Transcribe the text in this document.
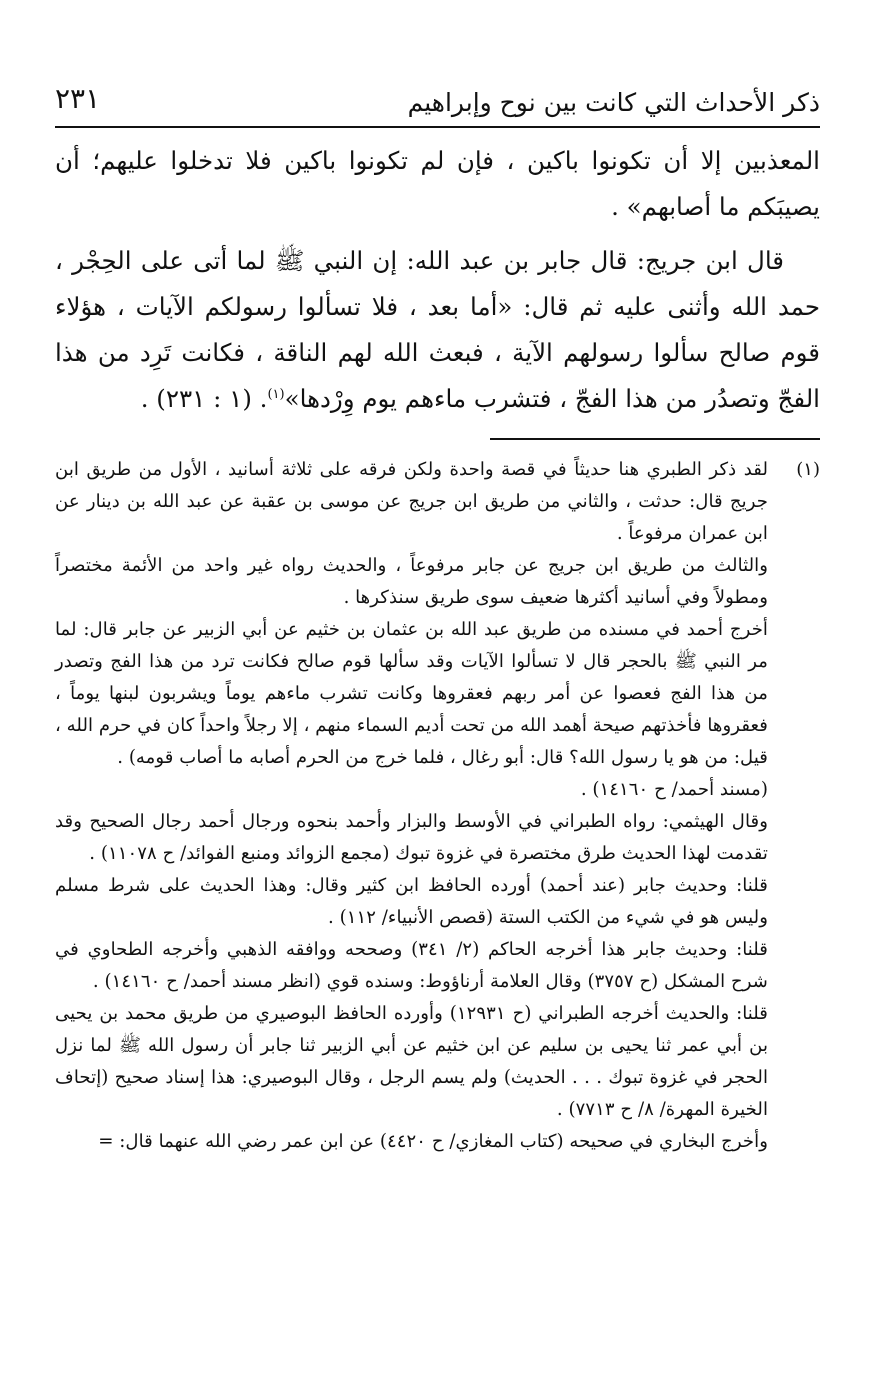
ذكر الأحداث التي كانت بين نوح وإبراهيم
٢٣١

المعذبين إلا أن تكونوا باكين ، فإن لم تكونوا باكين فلا تدخلوا عليهم؛ أن يصيبَكم ما أصابهم» .

قال ابن جريج: قال جابر بن عبد الله: إن النبي ﷺ لما أتى على الحِجْر ، حمد الله وأثنى عليه ثم قال: «أما بعد ، فلا تسألوا رسولكم الآيات ، هؤلاء قوم صالح سألوا رسولهم الآية ، فبعث الله لهم الناقة ، فكانت تَرِد من هذا الفجّ وتصدُر من هذا الفجّ ، فتشرب ماءهم يوم وِرْدها»$^{(١)}$. (١ : ٢٣١) .

(١)

لقد ذكر الطبري هنا حديثاً في قصة واحدة ولكن فرقه على ثلاثة أسانيد ، الأول من طريق ابن جريج قال: حدثت ، والثاني من طريق ابن جريج عن موسى بن عقبة عن عبد الله بن دينار عن ابن عمران مرفوعاً .

والثالث من طريق ابن جريج عن جابر مرفوعاً ، والحديث رواه غير واحد من الأئمة مختصراً ومطولاً وفي أسانيد أكثرها ضعيف سوى طريق سنذكرها .

أخرج أحمد في مسنده من طريق عبد الله بن عثمان بن خثيم عن أبي الزبير عن جابر قال: لما مر النبي ﷺ بالحجر قال لا تسألوا الآيات وقد سألها قوم صالح فكانت ترد من هذا الفج وتصدر من هذا الفج فعصوا عن أمر ربهم فعقروها وكانت تشرب ماءهم يوماً ويشربون لبنها يوماً ، فعقروها فأخذتهم صيحة أهمد الله من تحت أديم السماء منهم ، إلا رجلاً واحداً كان في حرم الله ، قيل: من هو يا رسول الله؟ قال: أبو رغال ، فلما خرج من الحرم أصابه ما أصاب قومه) .

(مسند أحمد/ ح ١٤١٦٠) .

وقال الهيثمي: رواه الطبراني في الأوسط والبزار وأحمد بنحوه ورجال أحمد رجال الصحيح وقد تقدمت لهذا الحديث طرق مختصرة في غزوة تبوك (مجمع الزوائد ومنبع الفوائد/ ح ١١٠٧٨) .

قلنا: وحديث جابر (عند أحمد) أورده الحافظ ابن كثير وقال: وهذا الحديث على شرط مسلم وليس هو في شيء من الكتب الستة (قصص الأنبياء/ ١١٢) .

قلنا: وحديث جابر هذا أخرجه الحاكم (٢/ ٣٤١) وصححه ووافقه الذهبي وأخرجه الطحاوي في شرح المشكل (ح ٣٧٥٧) وقال العلامة أرناؤوط: وسنده قوي (انظر مسند أحمد/ ح ١٤١٦٠) .

قلنا: والحديث أخرجه الطبراني (ح ١٢٩٣١) وأورده الحافظ البوصيري من طريق محمد بن يحيى بن أبي عمر ثنا يحيى بن سليم عن ابن خثيم عن أبي الزبير ثنا جابر أن رسول الله ﷺ لما نزل الحجر في غزوة تبوك . . . الحديث) ولم يسم الرجل ، وقال البوصيري: هذا إسناد صحيح (إتحاف الخيرة المهرة/ ٨/ ح ٧٧١٣) .

وأخرج البخاري في صحيحه (كتاب المغازي/ ح ٤٤٢٠) عن ابن عمر رضي الله عنهما قال: =
